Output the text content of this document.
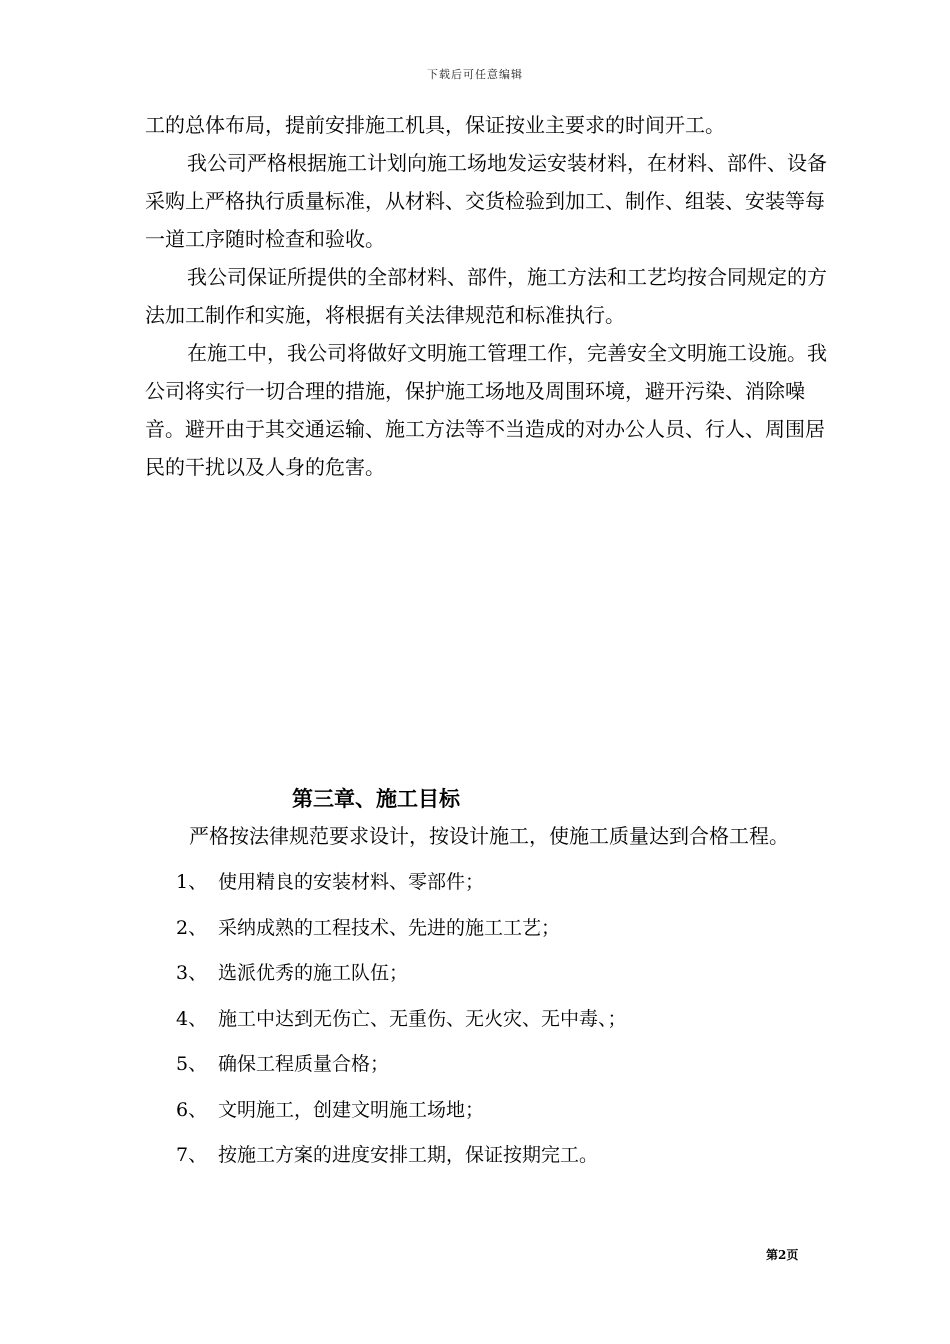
下载后可任意编辑

工的总体布局，提前安排施工机具，保证按业主要求的时间开工。

我公司严格根据施工计划向施工场地发运安装材料，在材料、部件、设备采购上严格执行质量标准，从材料、交货检验到加工、制作、组装、安装等每一道工序随时检查和验收。

我公司保证所提供的全部材料、部件，施工方法和工艺均按合同规定的方法加工制作和实施，将根据有关法律规范和标准执行。

在施工中，我公司将做好文明施工管理工作，完善安全文明施工设施。我公司将实行一切合理的措施，保护施工场地及周围环境，避开污染、消除噪音。避开由于其交通运输、施工方法等不当造成的对办公人员、行人、周围居民的干扰以及人身的危害。

第三章、施工目标
严格按法律规范要求设计，按设计施工，使施工质量达到合格工程。
1、 使用精良的安装材料、零部件；
2、 采纳成熟的工程技术、先进的施工工艺；
3、 选派优秀的施工队伍；
4、 施工中达到无伤亡、无重伤、无火灾、无中毒、；
5、 确保工程质量合格；
6、 文明施工，创建文明施工场地；
7、 按施工方案的进度安排工期，保证按期完工。
第2页
